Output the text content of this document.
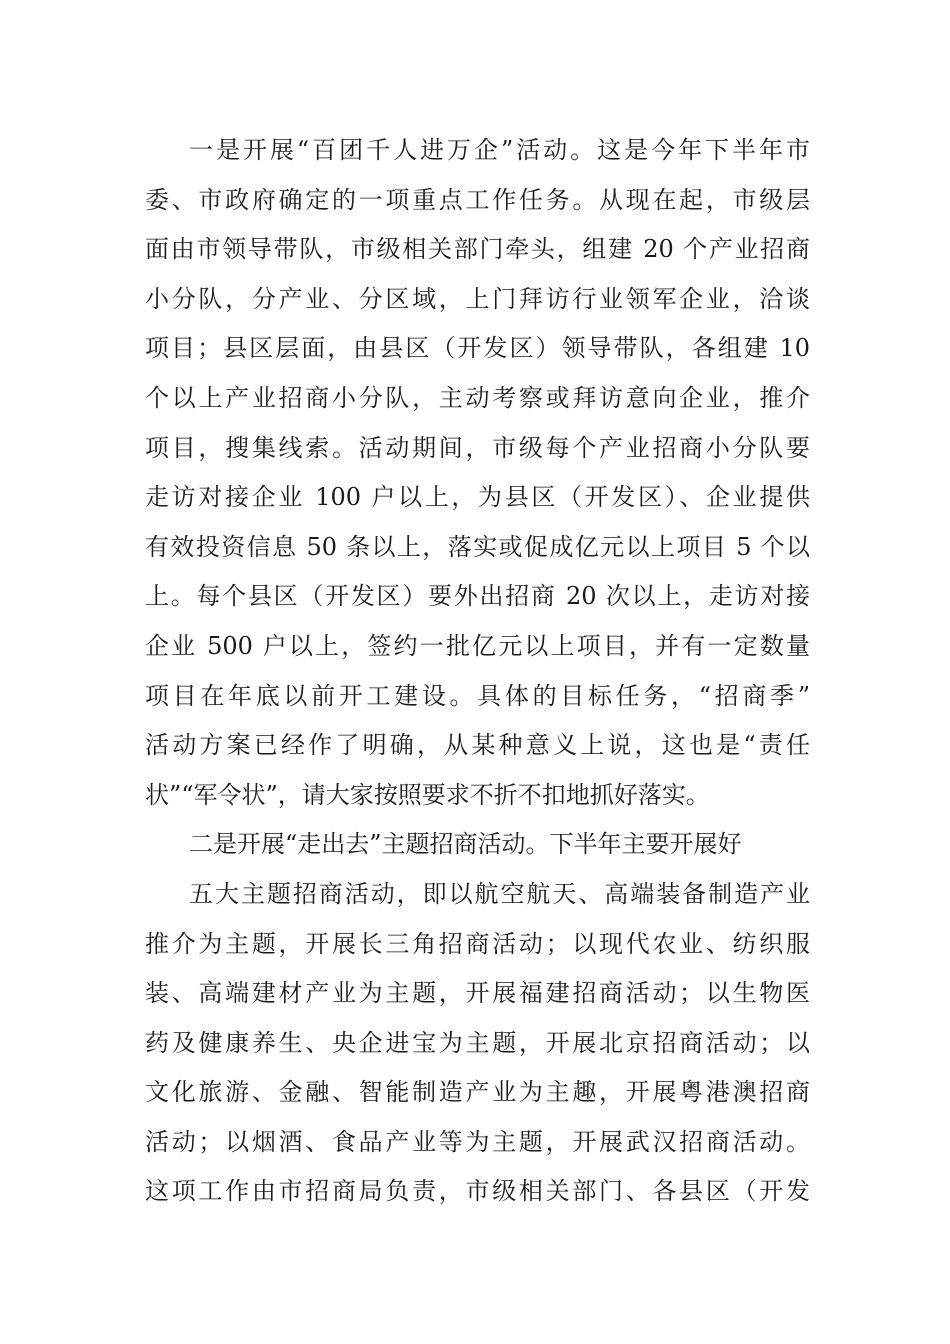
一是开展“百团千人进万企”活动。这是今年下半年市
委、市政府确定的一项重点工作任务。从现在起，市级层
面由市领导带队，市级相关部门牵头，组建 20 个产业招商
小分队，分产业、分区域，上门拜访行业领军企业，洽谈
项目；县区层面，由县区（开发区）领导带队，各组建 10
个以上产业招商小分队，主动考察或拜访意向企业，推介
项目，搜集线索。活动期间，市级每个产业招商小分队要
走访对接企业 100 户以上，为县区（开发区）、企业提供
有效投资信息 50 条以上，落实或促成亿元以上项目 5 个以
上。每个县区（开发区）要外出招商 20 次以上，走访对接
企业 500 户以上，签约一批亿元以上项目，并有一定数量
项目在年底以前开工建设。具体的目标任务，“招商季”
活动方案已经作了明确，从某种意义上说，这也是“责任
状”“军令状”，请大家按照要求不折不扣地抓好落实。
二是开展“走出去”主题招商活动。下半年主要开展好
五大主题招商活动，即以航空航天、高端装备制造产业
推介为主题，开展长三角招商活动；以现代农业、纺织服
装、高端建材产业为主题，开展福建招商活动；以生物医
药及健康养生、央企进宝为主题，开展北京招商活动；以
文化旅游、金融、智能制造产业为主趣，开展粤港澳招商
活动；以烟酒、食品产业等为主题，开展武汉招商活动。
这项工作由市招商局负责，市级相关部门、各县区（开发
